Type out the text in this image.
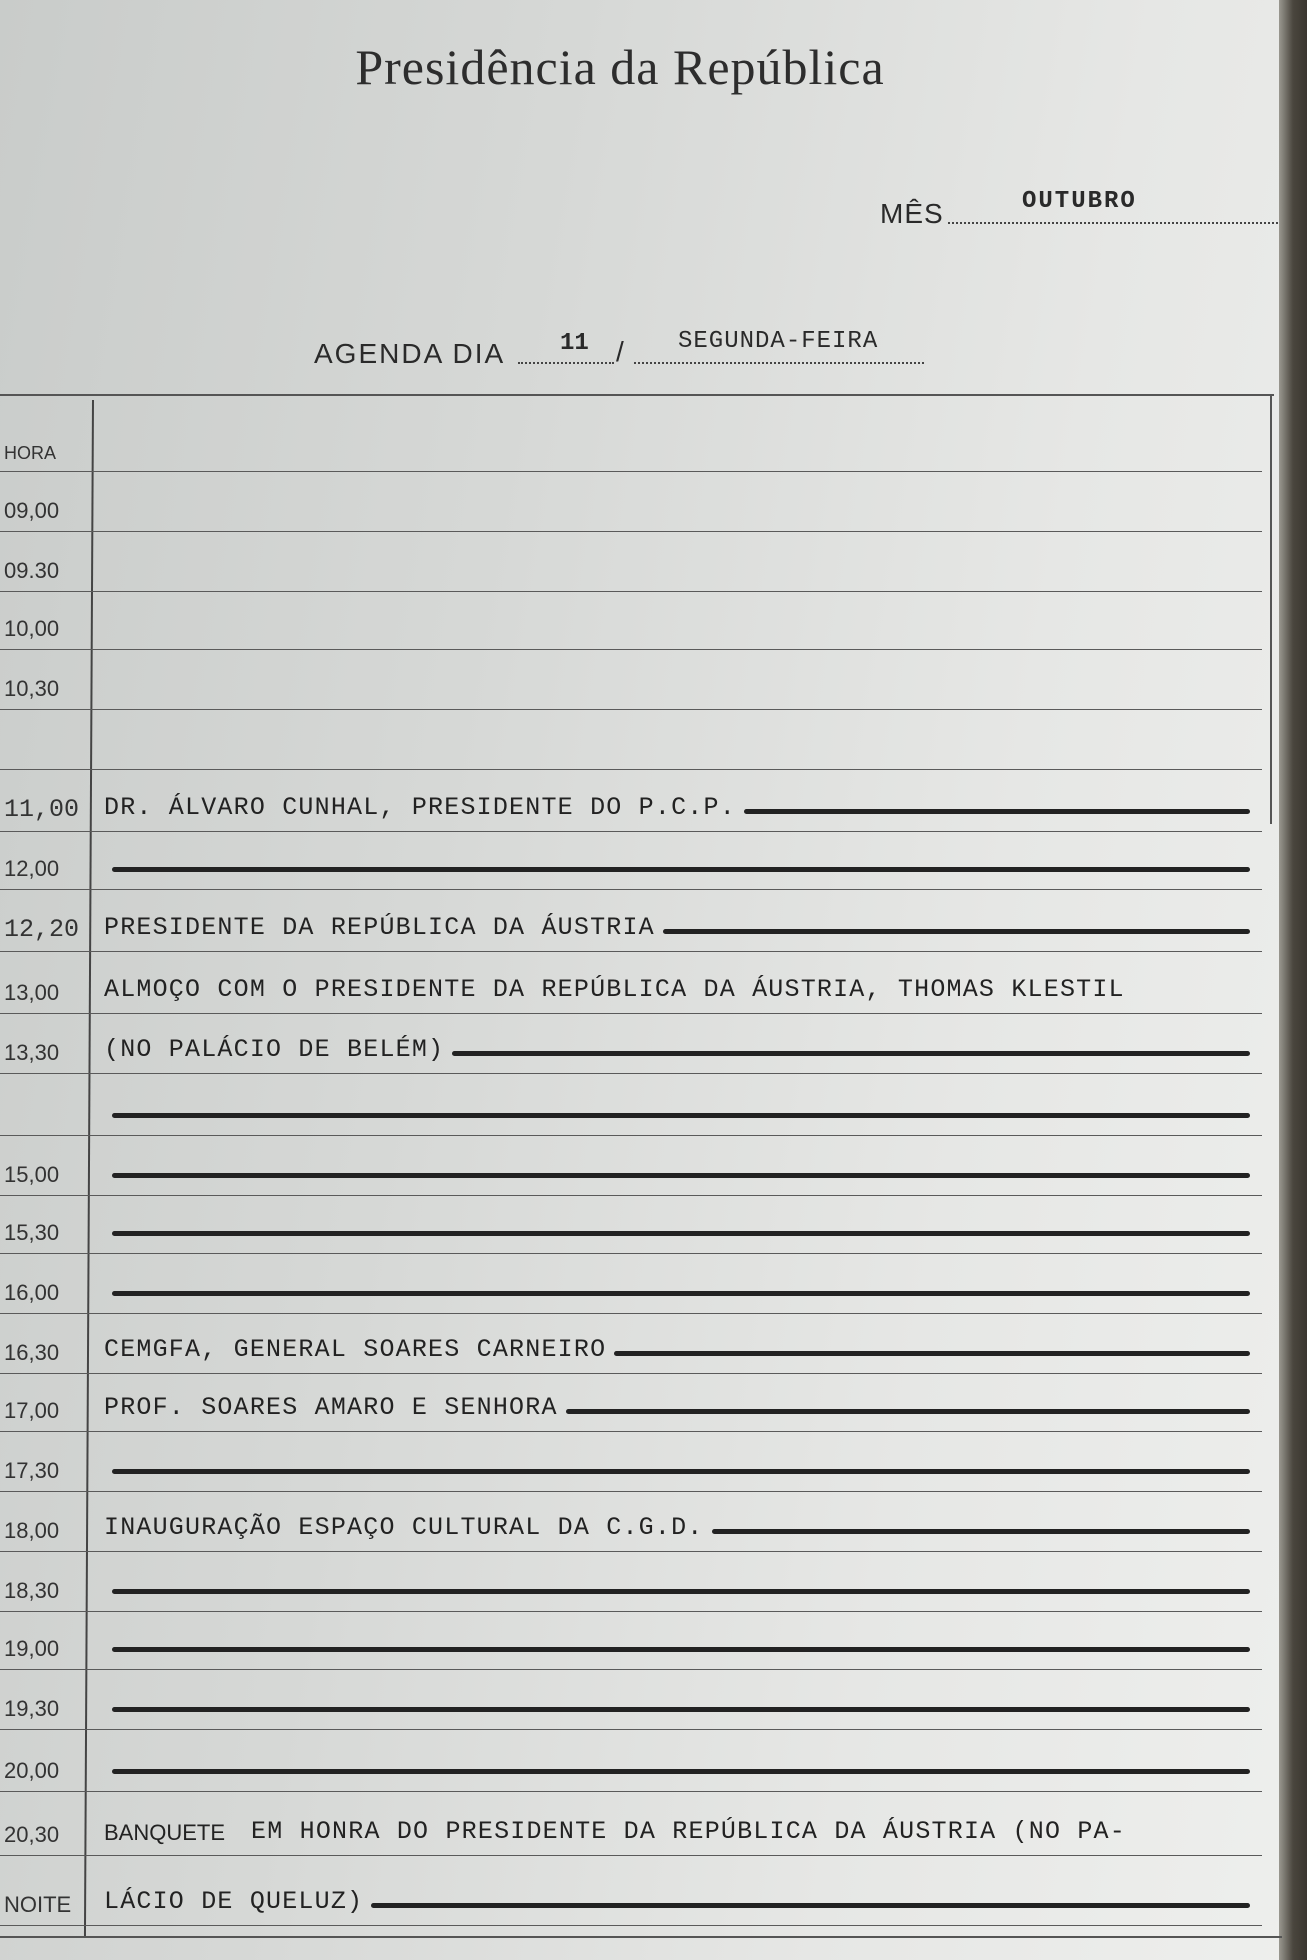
Presidência da República
MÊS	OUTUBRO
AGENDA DIA	11 /	SEGUNDA-FEIRA
HORA
09,00
09.30
10,00
10,30
11,00 DR. ÁLVARO CUNHAL, PRESIDENTE DO P.C.P.
12,00
12,20 PRESIDENTE DA REPÚBLICA DA ÁUSTRIA
13,00	ALMOÇO COM O PRESIDENTE DA REPÚBLICA DA ÁUSTRIA, THOMAS KLESTIL
13,30	(NO PALÁCIO DE BELÉM)
15,00
15,30
16,00
16,30	CEMGFA, GENERAL SOARES CARNEIRO
17,00	PROF. SOARES AMARO E SENHORA
17,30
18,00	INAUGURAÇÃO ESPAÇO CULTURAL DA C.G.D.
18,30
19,00
19,30
20,00
20,30	BANQUETE EM HONRA DO PRESIDENTE DA REPÚBLICA DA ÁUSTRIA (NO PA-
NOITE	LÁCIO DE QUELUZ)
